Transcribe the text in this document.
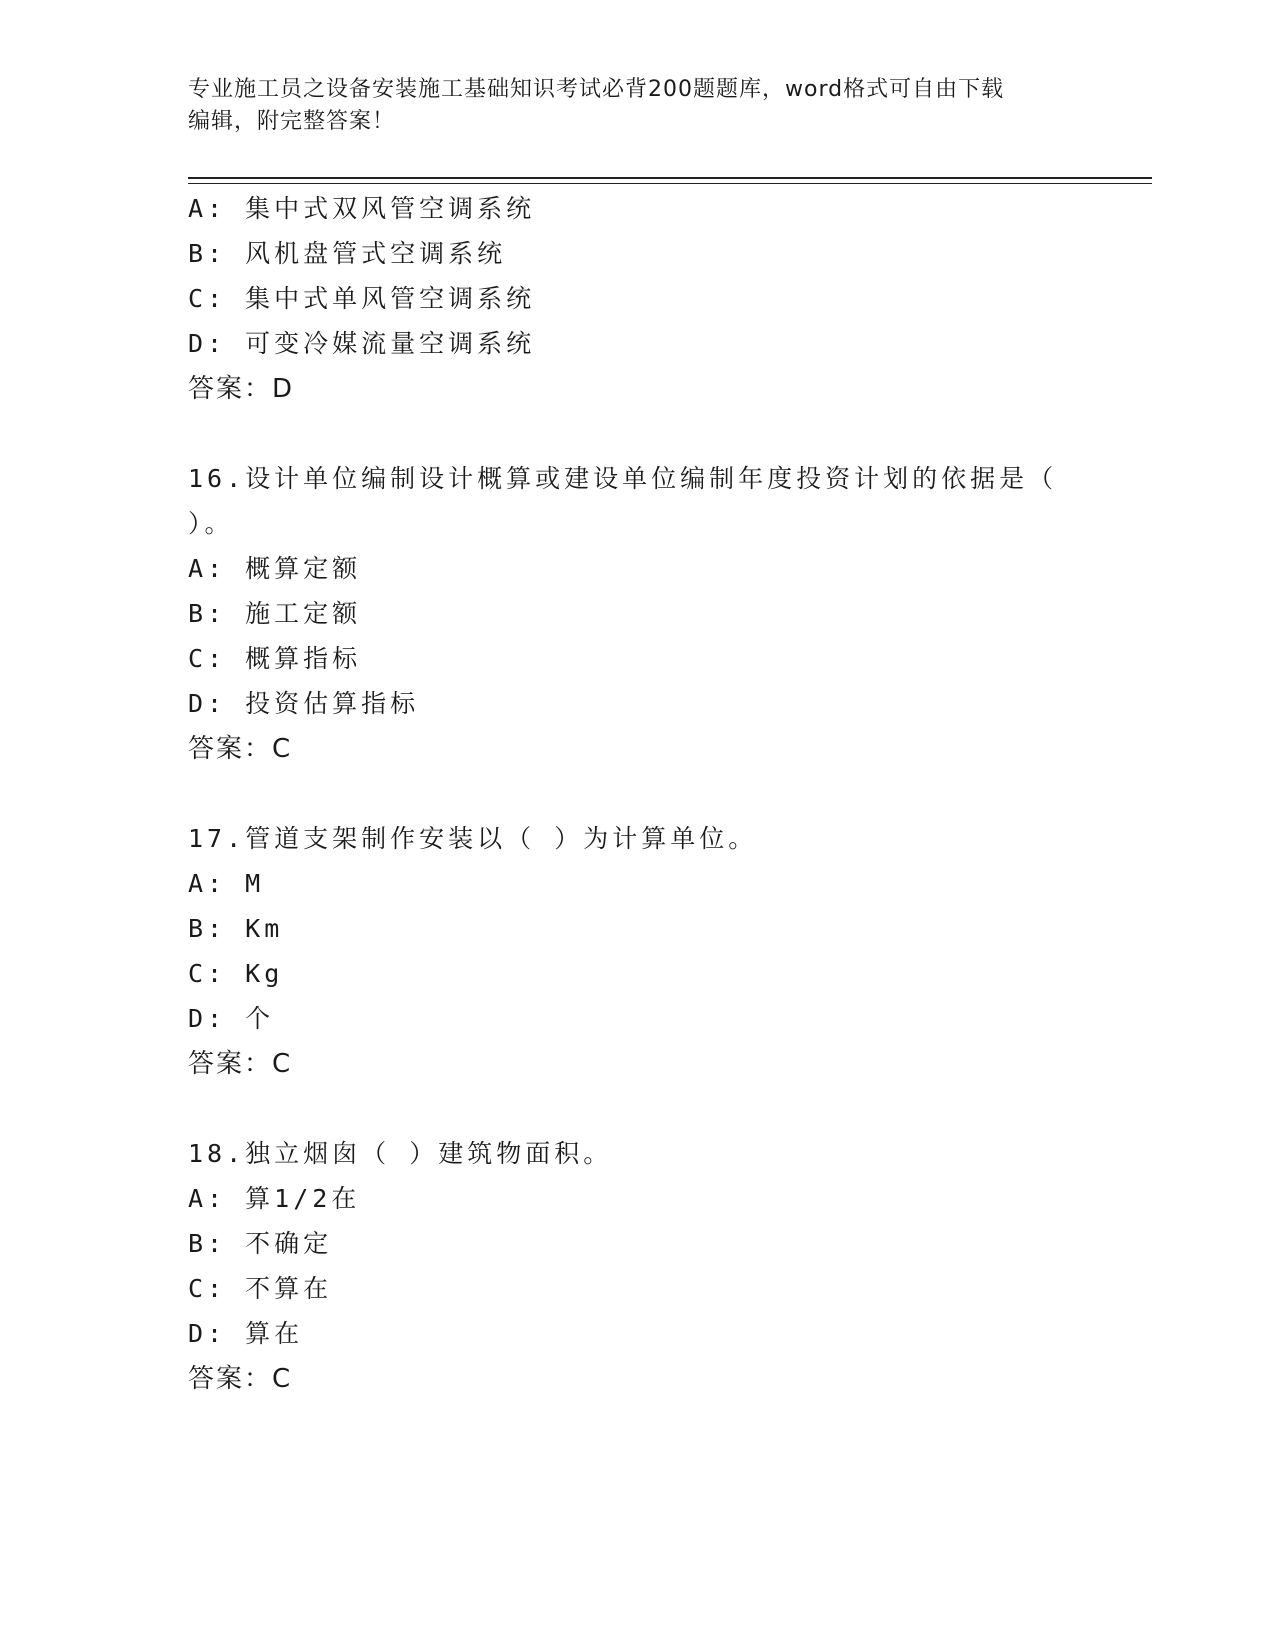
专业施工员之设备安装施工基础知识考试必背200题题库，word格式可自由下载
编辑，附完整答案！
A: 集中式双风管空调系统
B: 风机盘管式空调系统
C: 集中式单风管空调系统
D: 可变冷媒流量空调系统
答案：D
16.设计单位编制设计概算或建设单位编制年度投资计划的依据是（
）。
A: 概算定额
B: 施工定额
C: 概算指标
D: 投资估算指标
答案：C
17.管道支架制作安装以（ ）为计算单位。
A: M
B: Km
C: Kg
D: 个
答案：C
18.独立烟囱（ ）建筑物面积。
A: 算1/2在
B: 不确定
C: 不算在
D: 算在
答案：C
